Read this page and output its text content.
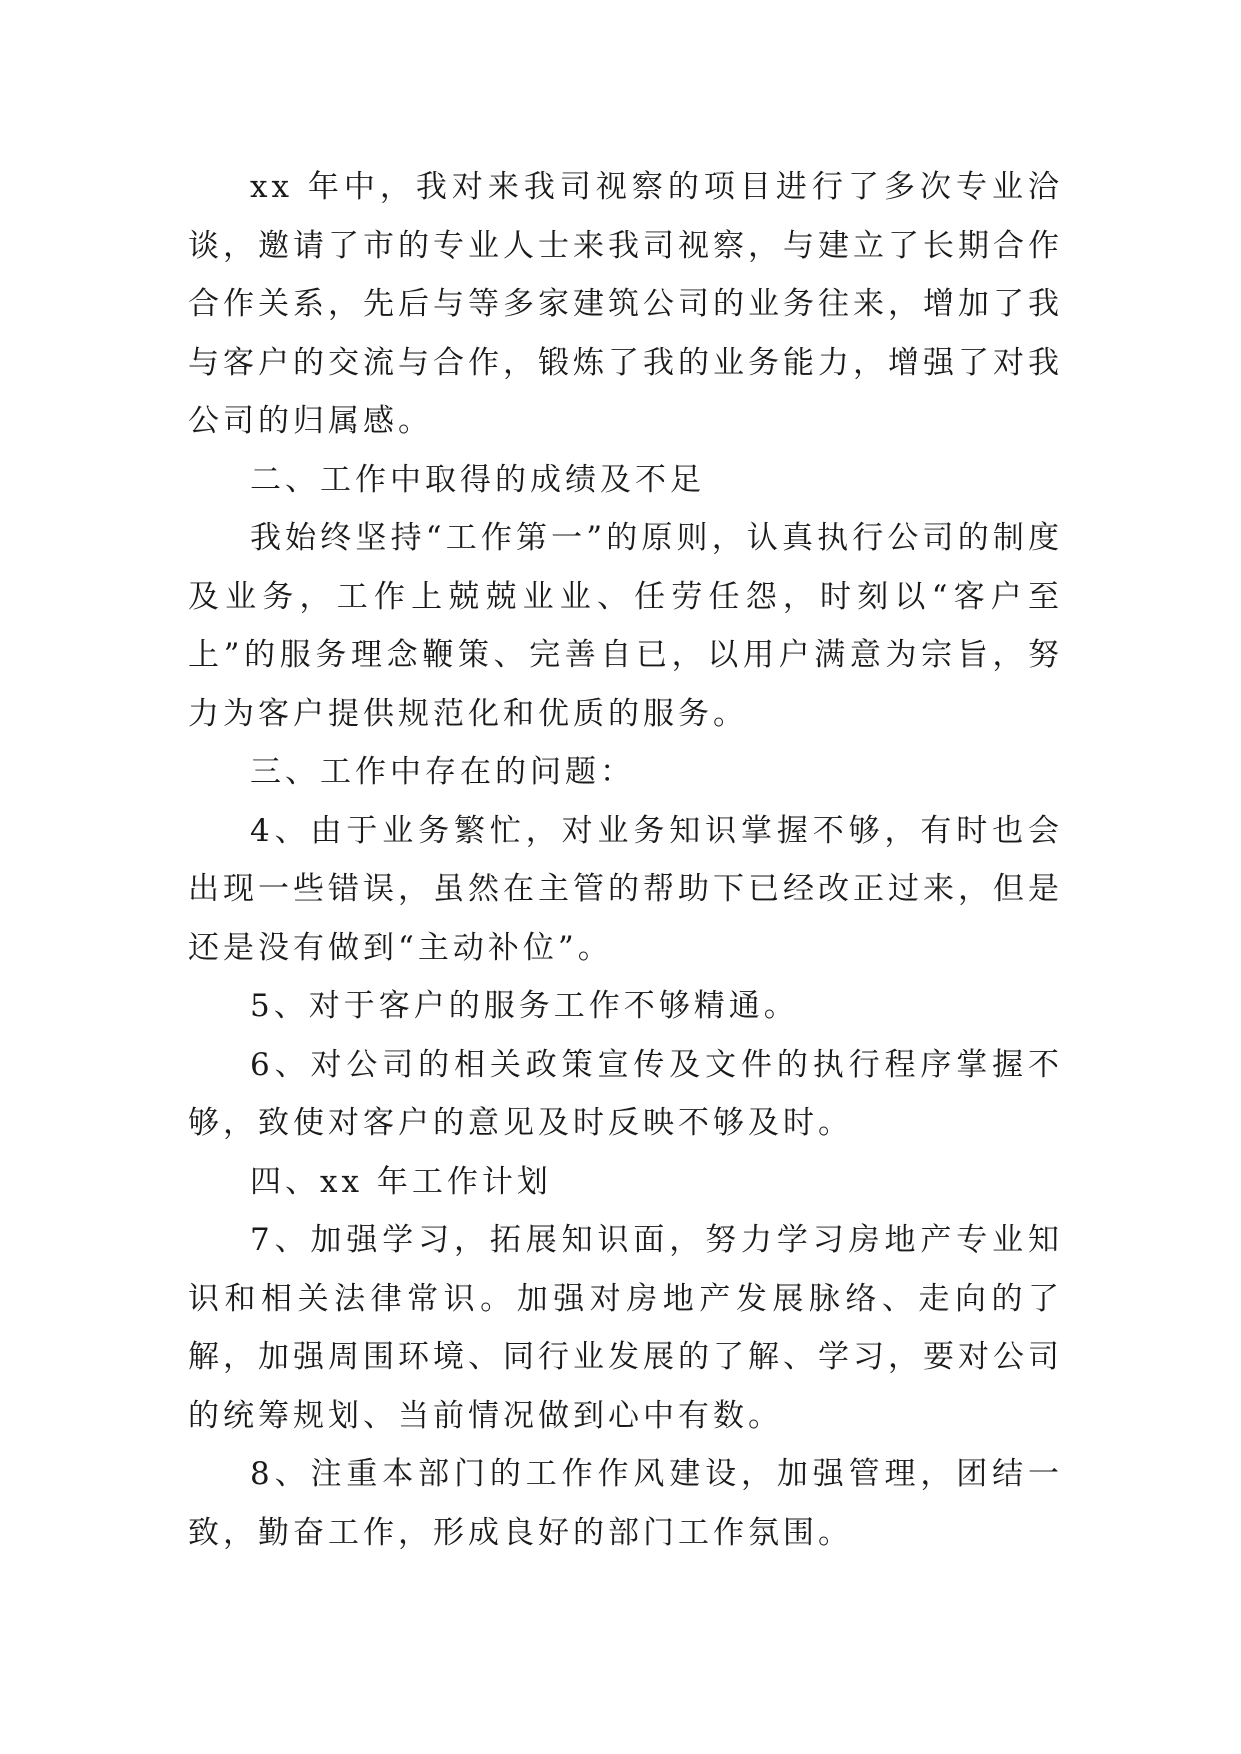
xx 年中，我对来我司视察的项目进行了多次专业洽谈，邀请了市的专业人士来我司视察，与建立了长期合作合作关系，先后与等多家建筑公司的业务往来，增加了我与客户的交流与合作，锻炼了我的业务能力，增强了对我公司的归属感。

二、工作中取得的成绩及不足

我始终坚持“工作第一”的原则，认真执行公司的制度及业务，工作上兢兢业业、任劳任怨，时刻以“客户至上”的服务理念鞭策、完善自已，以用户满意为宗旨，努力为客户提供规范化和优质的服务。

三、工作中存在的问题：

4、由于业务繁忙，对业务知识掌握不够，有时也会出现一些错误，虽然在主管的帮助下已经改正过来，但是还是没有做到“主动补位”。

5、对于客户的服务工作不够精通。

6、对公司的相关政策宣传及文件的执行程序掌握不够，致使对客户的意见及时反映不够及时。

四、xx 年工作计划

7、加强学习，拓展知识面，努力学习房地产专业知识和相关法律常识。加强对房地产发展脉络、走向的了解，加强周围环境、同行业发展的了解、学习，要对公司的统筹规划、当前情况做到心中有数。

8、注重本部门的工作作风建设，加强管理，团结一致，勤奋工作，形成良好的部门工作氛围。
